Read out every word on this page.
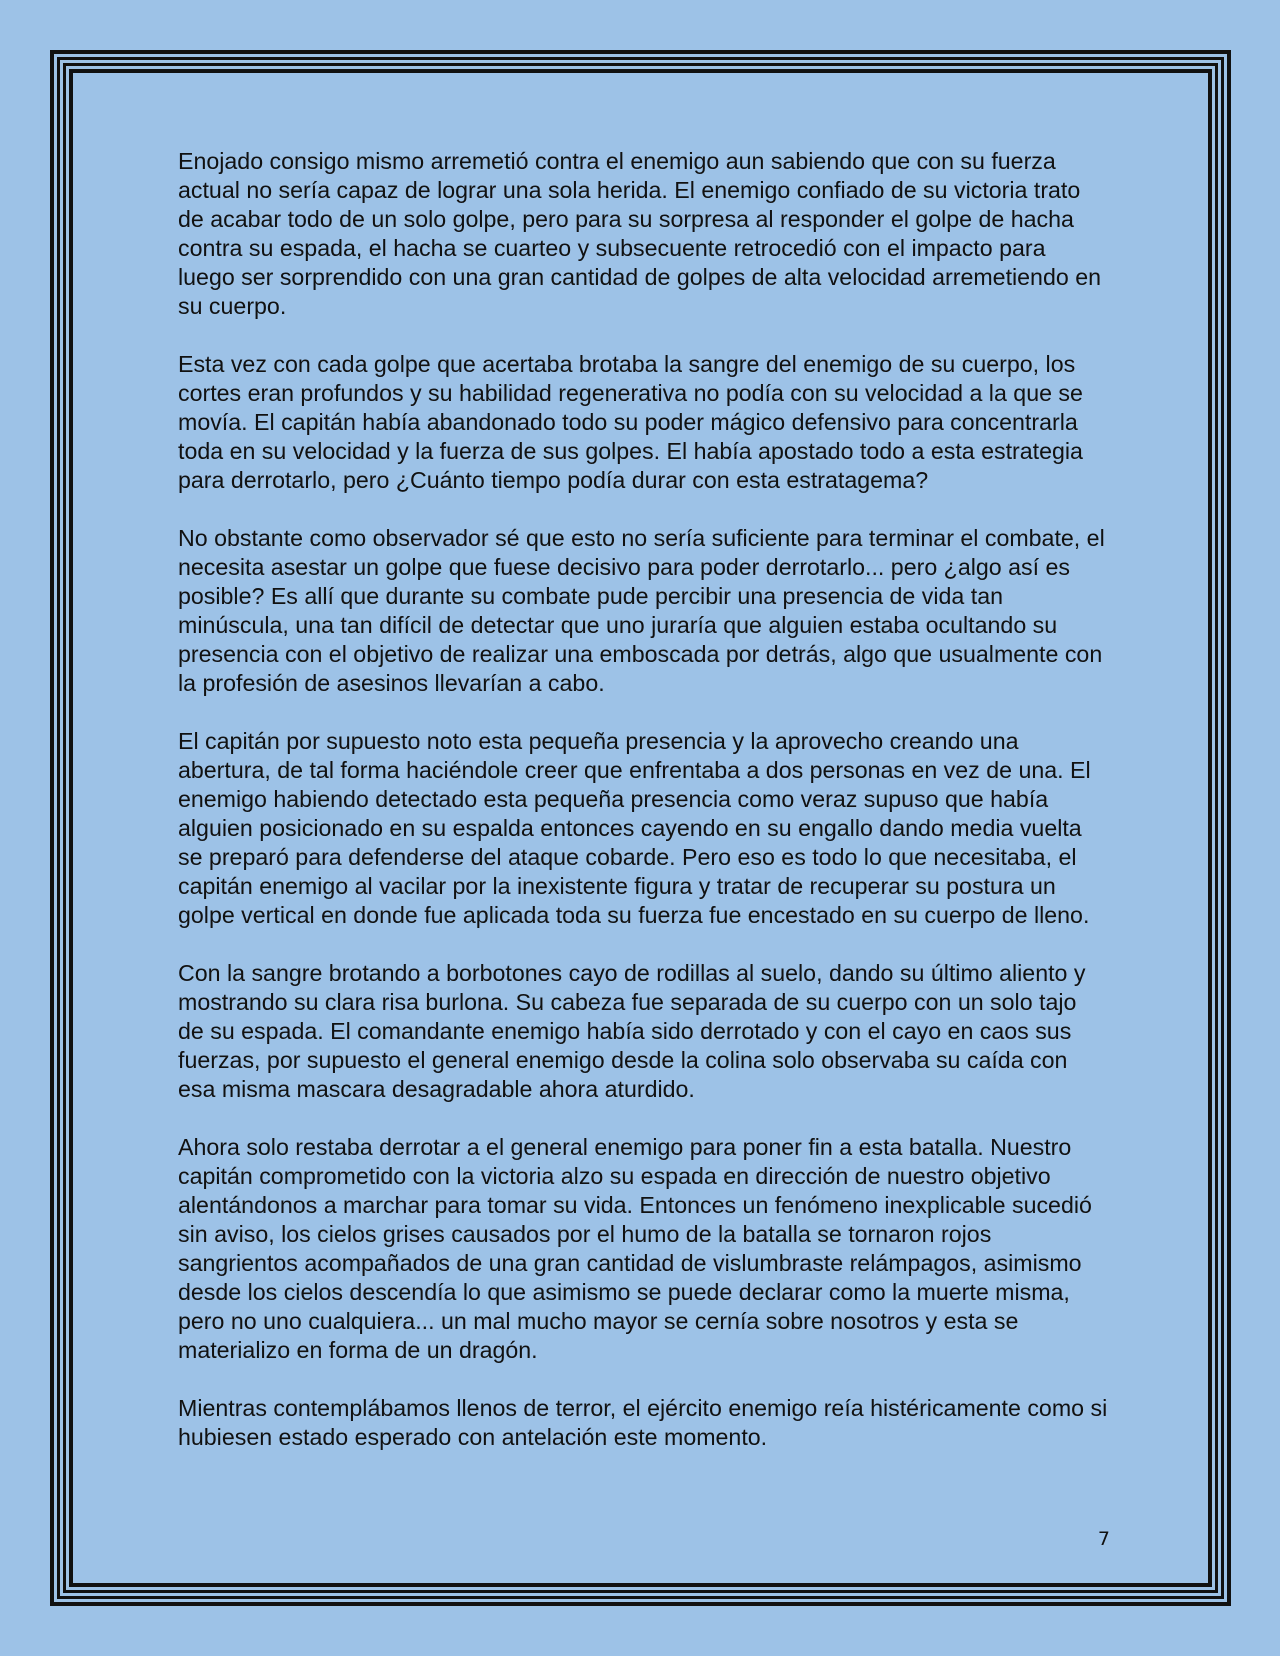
Enojado consigo mismo arremetió contra el enemigo aun sabiendo que con su fuerza actual no sería capaz de lograr una sola herida. El enemigo confiado de su victoria trato de acabar todo de un solo golpe, pero para su sorpresa al responder el golpe de hacha contra su espada, el hacha se cuarteo y subsecuente retrocedió con el impacto para luego ser sorprendido con una gran cantidad de golpes de alta velocidad arremetiendo en su cuerpo.

Esta vez con cada golpe que acertaba brotaba la sangre del enemigo de su cuerpo, los cortes eran profundos y su habilidad regenerativa no podía con su velocidad a la que se movía. El capitán había abandonado todo su poder mágico defensivo para concentrarla toda en su velocidad y la fuerza de sus golpes. El había apostado todo a esta estrategia para derrotarlo, pero ¿Cuánto tiempo podía durar con esta estratagema?

No obstante como observador sé que esto no sería suficiente para terminar el combate, el necesita asestar un golpe que fuese decisivo para poder derrotarlo... pero ¿algo así es posible? Es allí que durante su combate pude percibir una presencia de vida tan minúscula, una tan difícil de detectar que uno juraría que alguien estaba ocultando su presencia con el objetivo de realizar una emboscada por detrás, algo que usualmente con la profesión de asesinos llevarían a cabo.

El capitán por supuesto noto esta pequeña presencia y la aprovecho creando una abertura, de tal forma haciéndole creer que enfrentaba a dos personas en vez de una. El enemigo habiendo detectado esta pequeña presencia como veraz supuso que había alguien posicionado en su espalda entonces cayendo en su engallo dando media vuelta se preparó para defenderse del ataque cobarde. Pero eso es todo lo que necesitaba, el capitán enemigo al vacilar por la inexistente figura y tratar de recuperar su postura un golpe vertical en donde fue aplicada toda su fuerza fue encestado en su cuerpo de lleno.

Con la sangre brotando a borbotones cayo de rodillas al suelo, dando su último aliento y mostrando su clara risa burlona. Su cabeza fue separada de su cuerpo con un solo tajo de su espada. El comandante enemigo había sido derrotado y con el cayo en caos sus fuerzas, por supuesto el general enemigo desde la colina solo observaba su caída con esa misma mascara desagradable ahora aturdido.

Ahora solo restaba derrotar a el general enemigo para poner fin a esta batalla. Nuestro capitán comprometido con la victoria alzo su espada en dirección de nuestro objetivo alentándonos a marchar para tomar su vida. Entonces un fenómeno inexplicable sucedió sin aviso, los cielos grises causados por el humo de la batalla se tornaron rojos sangrientos acompañados de una gran cantidad de vislumbraste relámpagos, asimismo desde los cielos descendía lo que asimismo se puede declarar como la muerte misma, pero no uno cualquiera... un mal mucho mayor se cernía sobre nosotros y esta se materializo en forma de un dragón.

Mientras contemplábamos llenos de terror, el ejército enemigo reía histéricamente como si hubiesen estado esperado con antelación este momento.

7
